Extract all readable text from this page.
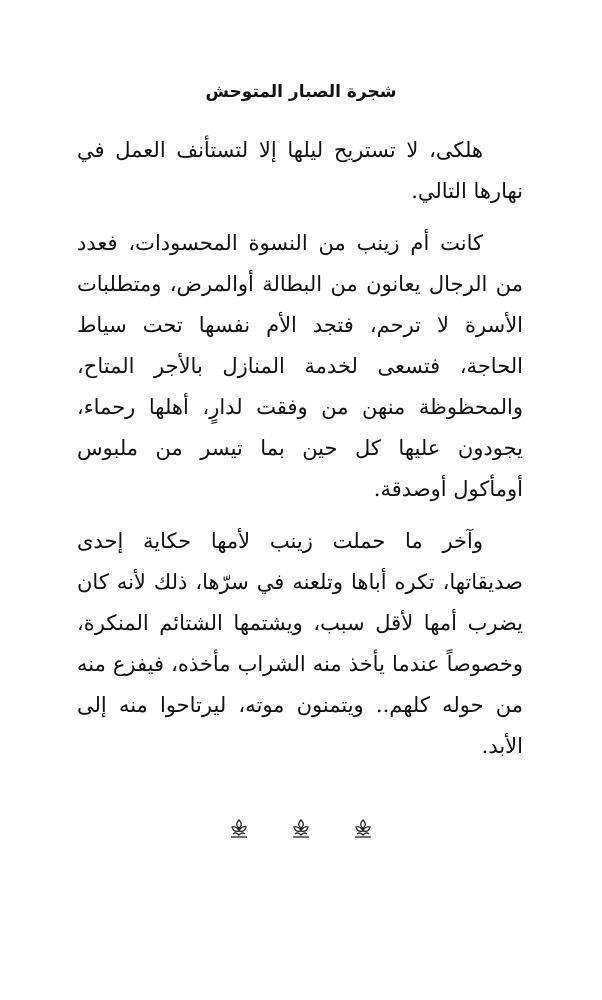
شجرة الصبار المتوحش

هلكى، لا تستريح ليلها إلا لتستأنف العمل في نهارها التالي.

كانت أم زينب من النسوة المحسودات، فعدد من الرجال يعانون من البطالة أوالمرض، ومتطلبات الأسرة لا ترحم، فتجد الأم نفسها تحت سياط الحاجة، فتسعى لخدمة المنازل بالأجر المتاح، والمحظوظة منهن من وفقت لدارٍ، أهلها رحماء، يجودون عليها كل حين بما تيسر من ملبوس أومأكول أوصدقة.

وآخر ما حملت زينب لأمها حكاية إحدى صديقاتها، تكره أباها وتلعنه في سرّها، ذلك لأنه كان يضرب أمها لأقل سبب، ويشتمها الشتائم المنكرة، وخصوصاً عندما يأخذ منه الشراب مأخذه، فيفزع منه من حوله كلهم.. ويتمنون موته، ليرتاحوا منه إلى الأبد.
